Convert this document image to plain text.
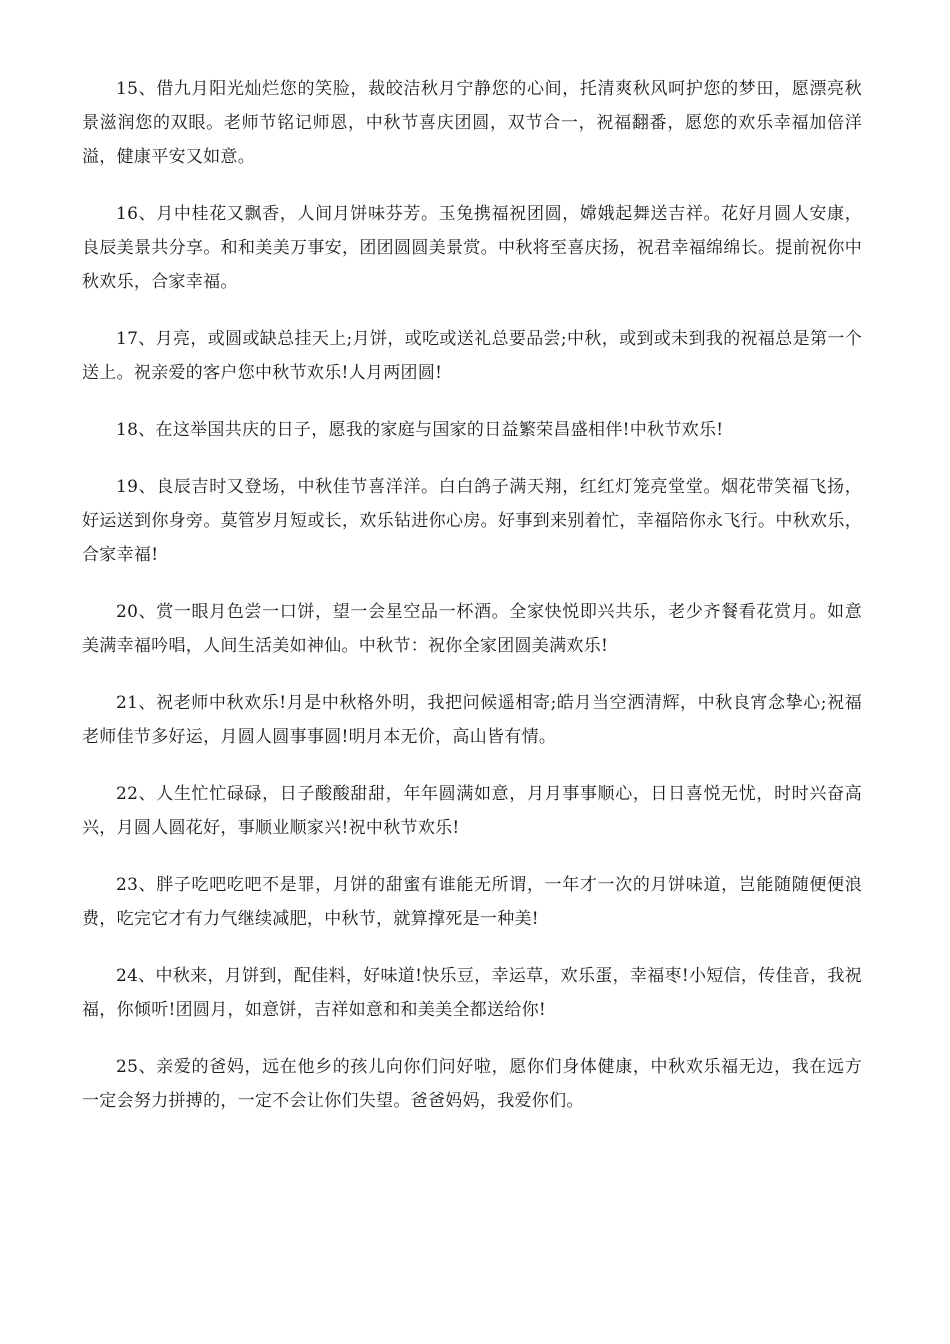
15、借九月阳光灿烂您的笑脸，裁皎洁秋月宁静您的心间，托清爽秋风呵护您的梦田，愿漂亮秋景滋润您的双眼。老师节铭记师恩，中秋节喜庆团圆，双节合一，祝福翻番，愿您的欢乐幸福加倍洋溢，健康平安又如意。

16、月中桂花又飘香，人间月饼味芬芳。玉兔携福祝团圆，嫦娥起舞送吉祥。花好月圆人安康，良辰美景共分享。和和美美万事安，团团圆圆美景赏。中秋将至喜庆扬，祝君幸福绵绵长。提前祝你中秋欢乐，合家幸福。

17、月亮，或圆或缺总挂天上;月饼，或吃或送礼总要品尝;中秋，或到或未到我的祝福总是第一个送上。祝亲爱的客户您中秋节欢乐!人月两团圆!

18、在这举国共庆的日子，愿我的家庭与国家的日益繁荣昌盛相伴!中秋节欢乐!

19、良辰吉时又登场，中秋佳节喜洋洋。白白鸽子满天翔，红红灯笼亮堂堂。烟花带笑福飞扬，好运送到你身旁。莫管岁月短或长，欢乐钻进你心房。好事到来别着忙，幸福陪你永飞行。中秋欢乐，合家幸福!

20、赏一眼月色尝一口饼，望一会星空品一杯酒。全家快悦即兴共乐，老少齐餐看花赏月。如意美满幸福吟唱，人间生活美如神仙。中秋节：祝你全家团圆美满欢乐!

21、祝老师中秋欢乐!月是中秋格外明，我把问候遥相寄;皓月当空洒清辉，中秋良宵念挚心;祝福老师佳节多好运，月圆人圆事事圆!明月本无价，高山皆有情。

22、人生忙忙碌碌，日子酸酸甜甜，年年圆满如意，月月事事顺心，日日喜悦无忧，时时兴奋高兴，月圆人圆花好，事顺业顺家兴!祝中秋节欢乐!

23、胖子吃吧吃吧不是罪，月饼的甜蜜有谁能无所谓，一年才一次的月饼味道，岂能随随便便浪费，吃完它才有力气继续减肥，中秋节，就算撑死是一种美!

24、中秋来，月饼到，配佳料，好味道!快乐豆，幸运草，欢乐蛋，幸福枣!小短信，传佳音，我祝福，你倾听!团圆月，如意饼，吉祥如意和和美美全都送给你!

25、亲爱的爸妈，远在他乡的孩儿向你们问好啦，愿你们身体健康，中秋欢乐福无边，我在远方一定会努力拼搏的，一定不会让你们失望。爸爸妈妈，我爱你们。
